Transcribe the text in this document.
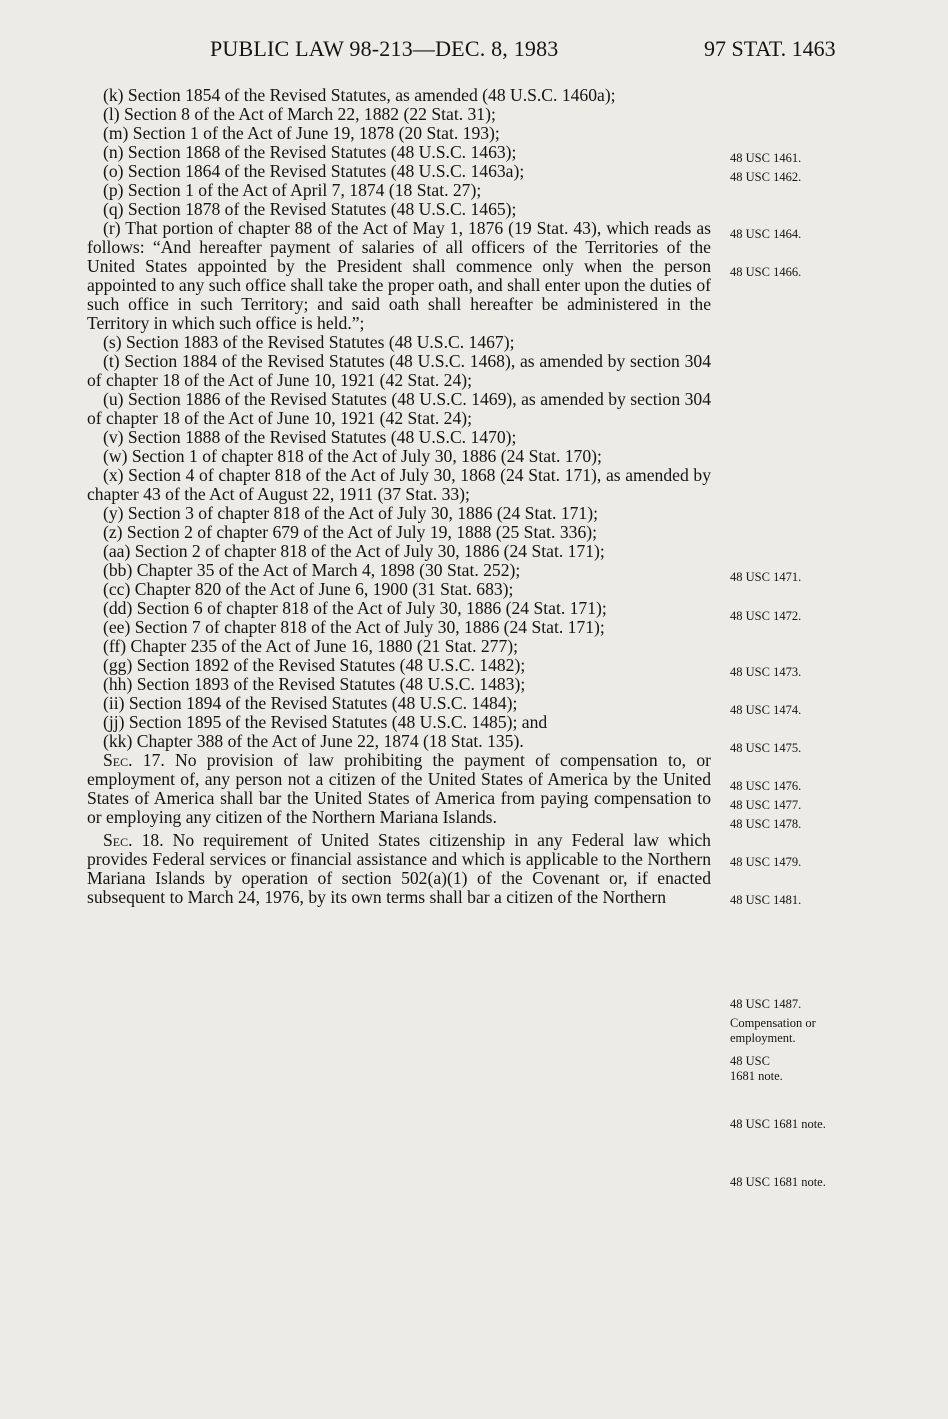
PUBLIC LAW 98-213—DEC. 8, 1983	97 STAT. 1463

(k) Section 1854 of the Revised Statutes, as amended (48 U.S.C. 1460a);

(l) Section 8 of the Act of March 22, 1882 (22 Stat. 31);

(m) Section 1 of the Act of June 19, 1878 (20 Stat. 193);

(n) Section 1868 of the Revised Statutes (48 U.S.C. 1463);

(o) Section 1864 of the Revised Statutes (48 U.S.C. 1463a);

(p) Section 1 of the Act of April 7, 1874 (18 Stat. 27);

(q) Section 1878 of the Revised Statutes (48 U.S.C. 1465);

(r) That portion of chapter 88 of the Act of May 1, 1876 (19 Stat. 43), which reads as follows: “And hereafter payment of salaries of all officers of the Territories of the United States appointed by the President shall commence only when the person appointed to any such office shall take the proper oath, and shall enter upon the duties of such office in such Territory; and said oath shall hereafter be administered in the Territory in which such office is held.”;

(s) Section 1883 of the Revised Statutes (48 U.S.C. 1467);

(t) Section 1884 of the Revised Statutes (48 U.S.C. 1468), as amended by section 304 of chapter 18 of the Act of June 10, 1921 (42 Stat. 24);

(u) Section 1886 of the Revised Statutes (48 U.S.C. 1469), as amended by section 304 of chapter 18 of the Act of June 10, 1921 (42 Stat. 24);

(v) Section 1888 of the Revised Statutes (48 U.S.C. 1470);

(w) Section 1 of chapter 818 of the Act of July 30, 1886 (24 Stat. 170);

(x) Section 4 of chapter 818 of the Act of July 30, 1868 (24 Stat. 171), as amended by chapter 43 of the Act of August 22, 1911 (37 Stat. 33);

(y) Section 3 of chapter 818 of the Act of July 30, 1886 (24 Stat. 171);

(z) Section 2 of chapter 679 of the Act of July 19, 1888 (25 Stat. 336);

(aa) Section 2 of chapter 818 of the Act of July 30, 1886 (24 Stat. 171);

(bb) Chapter 35 of the Act of March 4, 1898 (30 Stat. 252);

(cc) Chapter 820 of the Act of June 6, 1900 (31 Stat. 683);

(dd) Section 6 of chapter 818 of the Act of July 30, 1886 (24 Stat. 171);

(ee) Section 7 of chapter 818 of the Act of July 30, 1886 (24 Stat. 171);

(ff) Chapter 235 of the Act of June 16, 1880 (21 Stat. 277);

(gg) Section 1892 of the Revised Statutes (48 U.S.C. 1482);

(hh) Section 1893 of the Revised Statutes (48 U.S.C. 1483);

(ii) Section 1894 of the Revised Statutes (48 U.S.C. 1484);

(jj) Section 1895 of the Revised Statutes (48 U.S.C. 1485); and

(kk) Chapter 388 of the Act of June 22, 1874 (18 Stat. 135).

Sec. 17. No provision of law prohibiting the payment of compensation to, or employment of, any person not a citizen of the United States of America by the United States of America shall bar the United States of America from paying compensation to or employing any citizen of the Northern Mariana Islands.

Sec. 18. No requirement of United States citizenship in any Federal law which provides Federal services or financial assistance and which is applicable to the Northern Mariana Islands by operation of section 502(a)(1) of the Covenant or, if enacted subsequent to March 24, 1976, by its own terms shall bar a citizen of the Northern

48 USC 1461.
48 USC 1462.
48 USC 1464.
48 USC 1466.
48 USC 1471.
48 USC 1472.
48 USC 1473.
48 USC 1474.
48 USC 1475.
48 USC 1476.
48 USC 1477.
48 USC 1478.
48 USC 1479.
48 USC 1481.
48 USC 1487.
Compensation or employment.
48 USC 1681 note.
48 USC 1681 note.
48 USC 1681 note.
